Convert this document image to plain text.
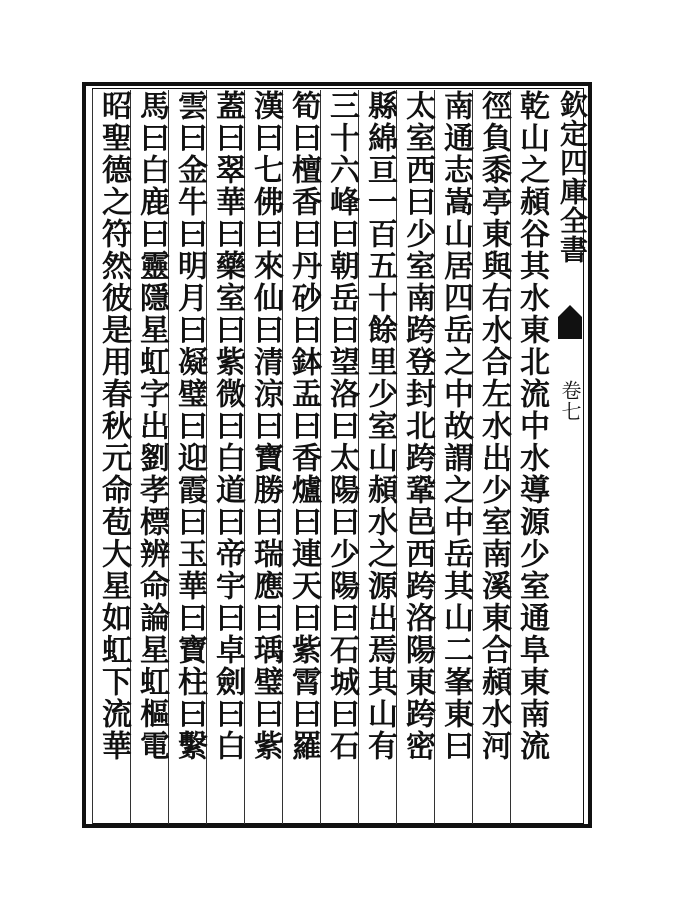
欽定四庫全書
卷七
乾山之頳谷其水東北流中水導源少室通阜東南流
徑負黍亭東與右水合左水出少室南溪東合頳水河
南通志嵩山居四岳之中故謂之中岳其山二峯東曰
太室西曰少室南跨登封北跨鞏邑西跨洛陽東跨密
縣綿亘一百五十餘里少室山頳水之源出焉其山有
三十六峰曰朝岳曰望洛曰太陽曰少陽曰石城曰石
筍曰檀香曰丹砂曰鉢盂曰香爐曰連天曰紫霄曰羅
漢曰七佛曰來仙曰清涼曰寶勝曰瑞應曰瑀璧曰紫
蓋曰翠華曰藥室曰紫微曰白道曰帝宇曰卓劍曰白
雲曰金牛曰明月曰凝璧曰迎霞曰玉華曰寶柱曰繫
馬曰白鹿曰靈隱星虹字出劉孝標辨命論星虹樞電
昭聖德之符然彼是用春秋元命苞大星如虹下流華
